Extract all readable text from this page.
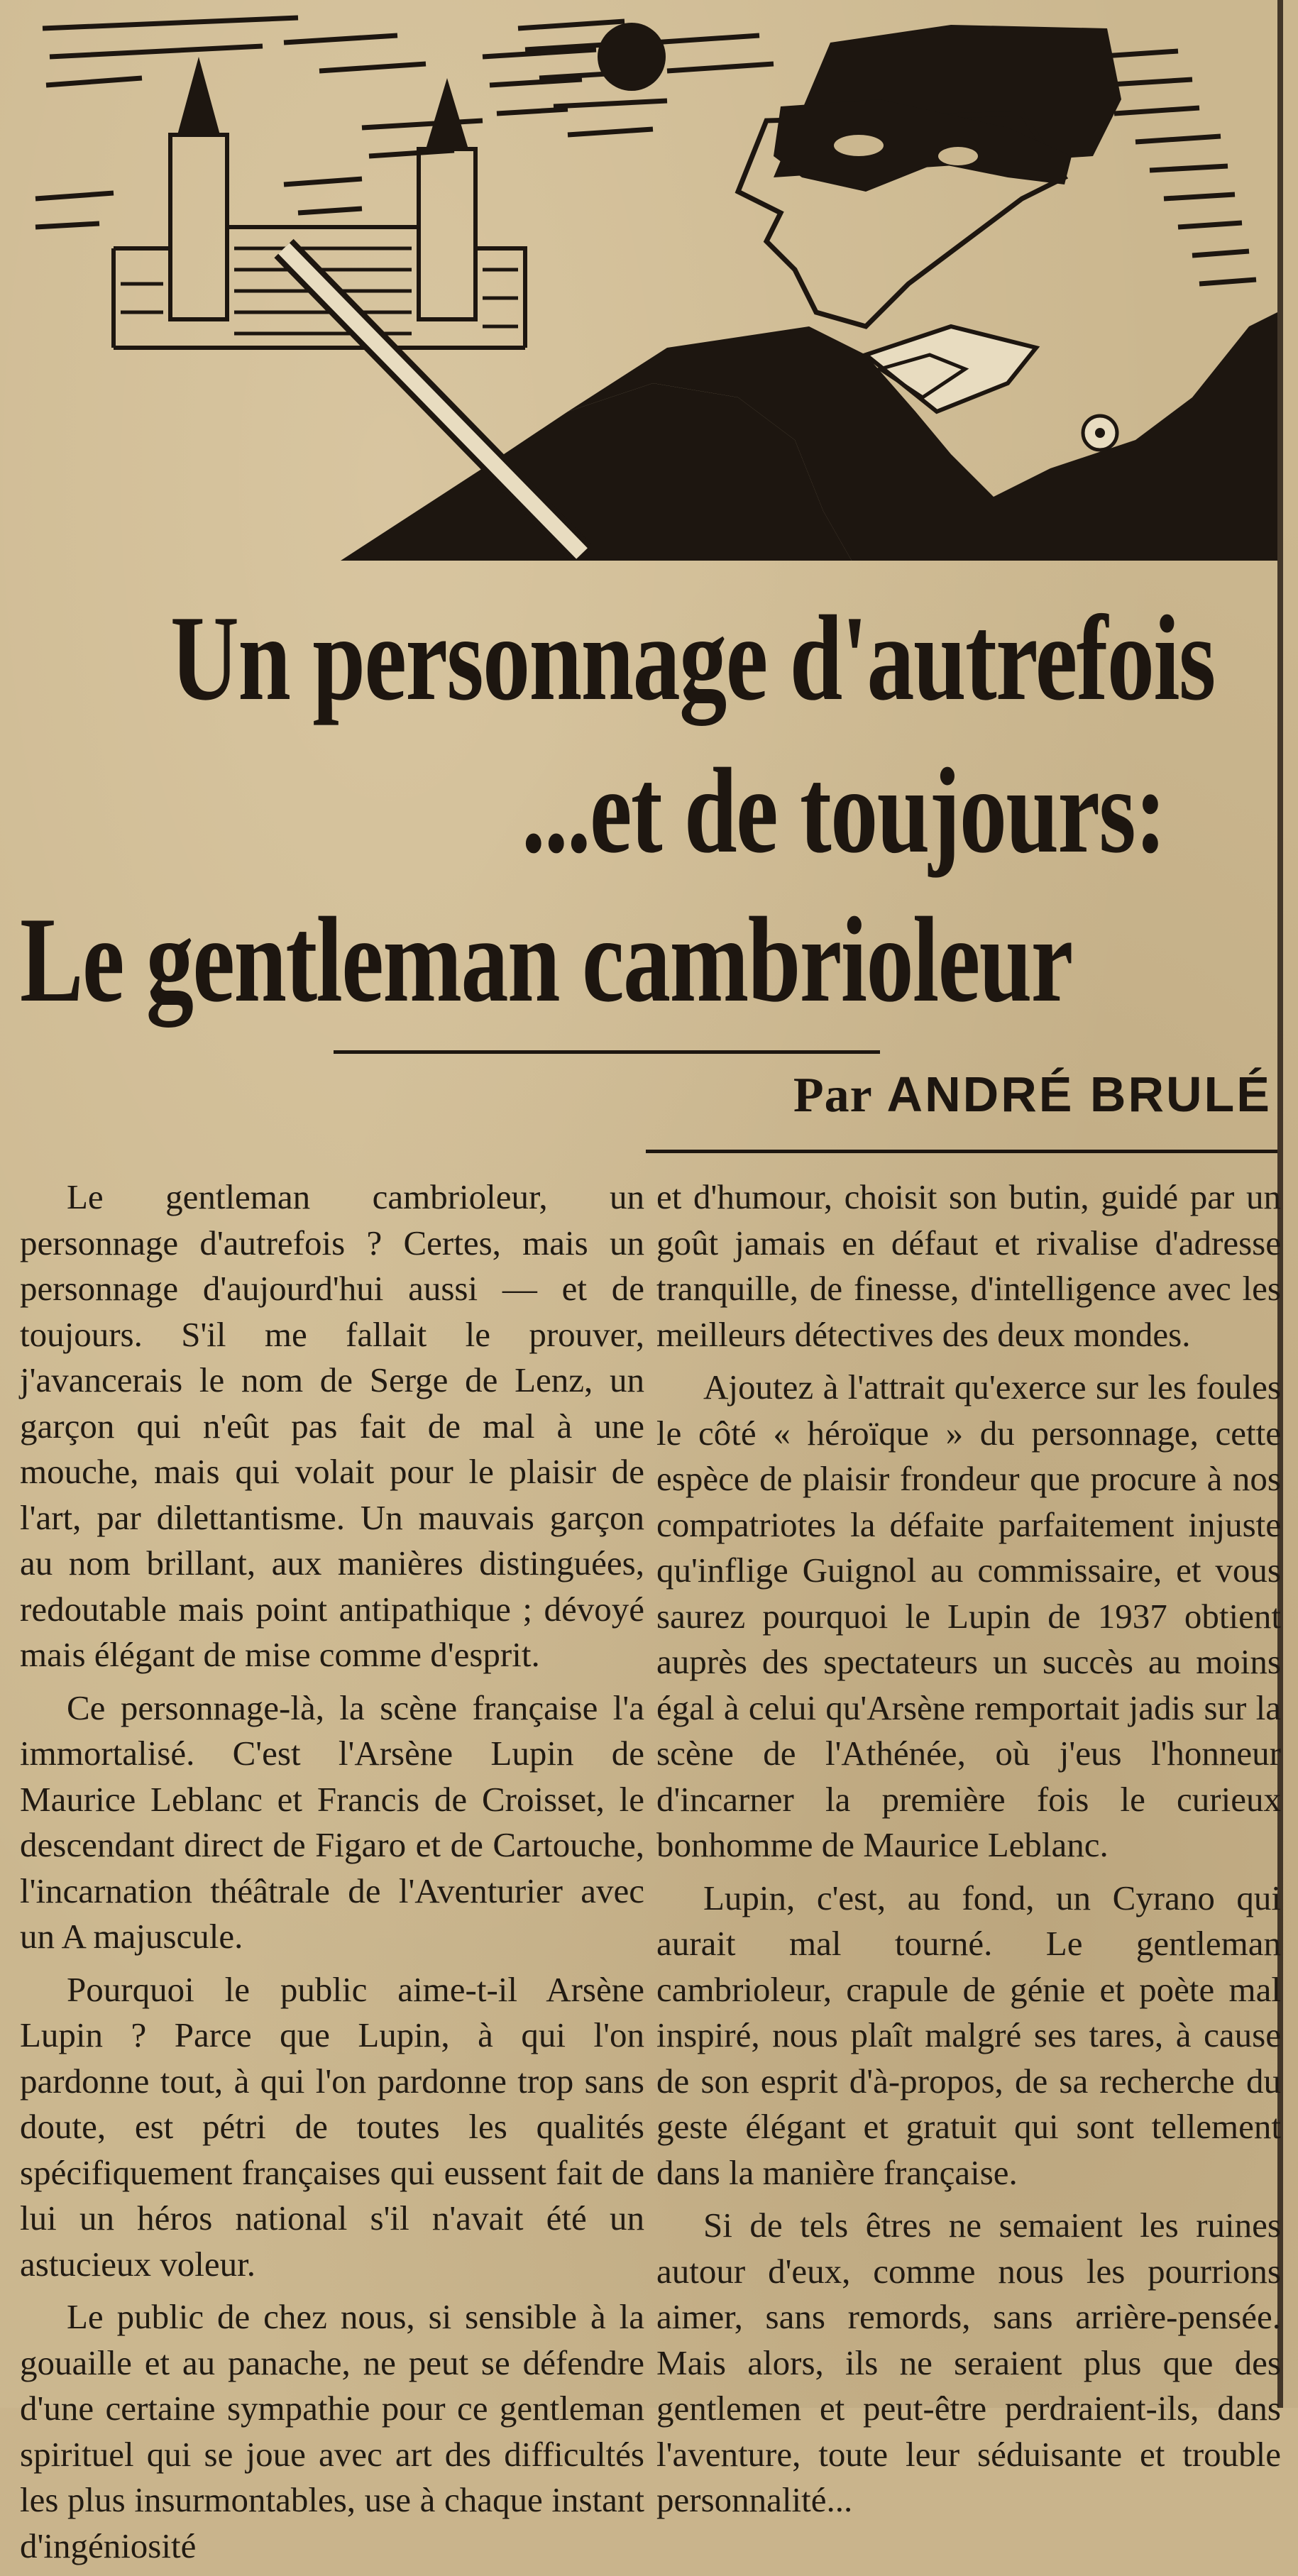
Un personnage d'autrefois
...et de toujours:
Le gentleman cambrioleur
Par ANDRÉ BRULÉ

Le gentleman cambrioleur, un personnage d'autrefois ? Certes, mais un personnage d'aujourd'hui aussi — et de toujours. S'il me fallait le prouver, j'avancerais le nom de Serge de Lenz, un garçon qui n'eût pas fait de mal à une mouche, mais qui volait pour le plaisir de l'art, par dilettantisme. Un mauvais garçon au nom brillant, aux manières distinguées, redoutable mais point antipathique ; dévoyé mais élégant de mise comme d'esprit.

Ce personnage-là, la scène française l'a immortalisé. C'est l'Arsène Lupin de Maurice Leblanc et Francis de Croisset, le descendant direct de Figaro et de Cartouche, l'incarnation théâtrale de l'Aventurier avec un A majuscule.

Pourquoi le public aime-t-il Arsène Lupin ? Parce que Lupin, à qui l'on pardonne tout, à qui l'on pardonne trop sans doute, est pétri de toutes les qualités spécifiquement françaises qui eussent fait de lui un héros national s'il n'avait été un astucieux voleur.

Le public de chez nous, si sensible à la gouaille et au panache, ne peut se défendre d'une certaine sympathie pour ce gentleman spirituel qui se joue avec art des difficultés les plus insurmontables, use à chaque instant d'ingéniosité

et d'humour, choisit son butin, guidé par un goût jamais en défaut et rivalise d'adresse tranquille, de finesse, d'intelligence avec les meilleurs détectives des deux mondes.

Ajoutez à l'attrait qu'exerce sur les foules le côté « héroïque » du personnage, cette espèce de plaisir frondeur que procure à nos compatriotes la défaite parfaitement injuste qu'inflige Guignol au commissaire, et vous saurez pourquoi le Lupin de 1937 obtient auprès des spectateurs un succès au moins égal à celui qu'Arsène remportait jadis sur la scène de l'Athénée, où j'eus l'honneur d'incarner la première fois le curieux bonhomme de Maurice Leblanc.

Lupin, c'est, au fond, un Cyrano qui aurait mal tourné. Le gentleman cambrioleur, crapule de génie et poète mal inspiré, nous plaît malgré ses tares, à cause de son esprit d'à-propos, de sa recherche du geste élégant et gratuit qui sont tellement dans la manière française.

Si de tels êtres ne semaient les ruines autour d'eux, comme nous les pourrions aimer, sans remords, sans arrière-pensée. Mais alors, ils ne seraient plus que des gentlemen et peut-être perdraient-ils, dans l'aventure, toute leur séduisante et trouble personnalité...
